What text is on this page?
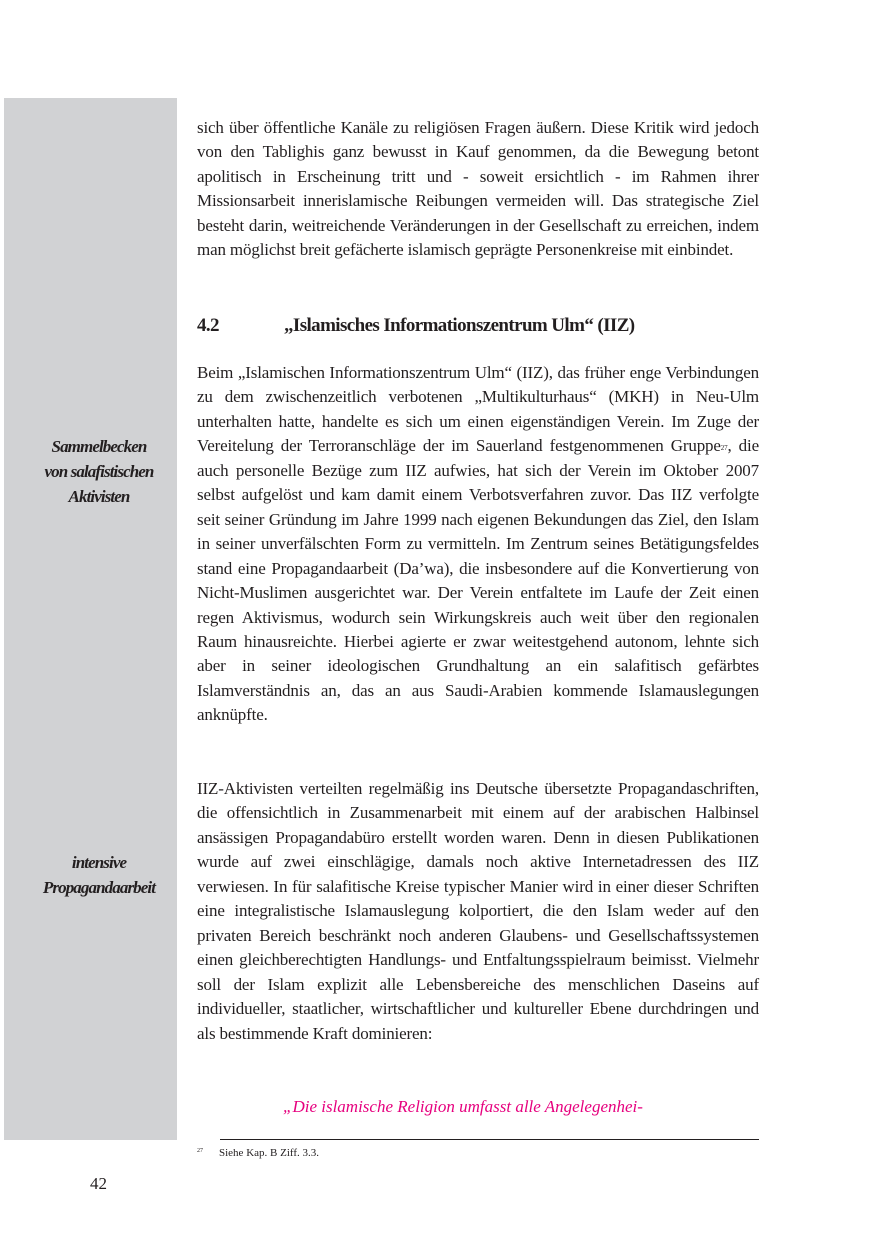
Sammelbecken
von salafistischen
Aktivisten
intensive
Propagandaarbeit

sich über öffentliche Kanäle zu religiösen Fragen äußern. Diese Kritik wird jedoch von den Tablighis ganz bewusst in Kauf genommen, da die Bewegung betont apolitisch in Erscheinung tritt und - soweit ersichtlich - im Rahmen ihrer Missionsarbeit innerislamische Reibungen vermeiden will. Das strategische Ziel besteht darin, weitreichende Veränderungen in der Gesellschaft zu erreichen, indem man möglichst breit gefächerte islamisch geprägte Personenkreise mit einbindet.

4.2	„Islamisches Informationszentrum Ulm“ (IIZ)

Beim „Islamischen Informationszentrum Ulm“ (IIZ), das früher enge Verbindungen zu dem zwischenzeitlich verbotenen „Multikulturhaus“ (MKH) in Neu-Ulm unterhalten hatte, handelte es sich um einen eigenständigen Verein. Im Zuge der Vereitelung der Terroranschläge der im Sauerland festgenommenen Gruppe$^{27}$, die auch personelle Bezüge zum IIZ aufwies, hat sich der Verein im Oktober 2007 selbst aufgelöst und kam damit einem Verbotsverfahren zuvor. Das IIZ verfolgte seit seiner Gründung im Jahre 1999 nach eigenen Bekundungen das Ziel, den Islam in seiner unverfälschten Form zu vermitteln. Im Zentrum seines Betätigungsfeldes stand eine Propagandaarbeit (Da’wa), die insbesondere auf die Konvertierung von Nicht-Muslimen ausgerichtet war. Der Verein entfaltete im Laufe der Zeit einen regen Aktivismus, wodurch sein Wirkungskreis auch weit über den regionalen Raum hinausreichte. Hierbei agierte er zwar weitestgehend autonom, lehnte sich aber in seiner ideologischen Grundhaltung an ein salafitisch gefärbtes Islamverständnis an, das an aus Saudi-Arabien kommende Islamauslegungen anknüpfte.

IIZ-Aktivisten verteilten regelmäßig ins Deutsche übersetzte Propagandaschriften, die offensichtlich in Zusammenarbeit mit einem auf der arabischen Halbinsel ansässigen Propagandabüro erstellt worden waren. Denn in diesen Publikationen wurde auf zwei einschlägige, damals noch aktive Internetadressen des IIZ verwiesen. In für salafitische Kreise typischer Manier wird in einer dieser Schriften eine integralistische Islamauslegung kolportiert, die den Islam weder auf den privaten Bereich beschränkt noch anderen Glaubens- und Gesellschaftssystemen einen gleichberechtigten Handlungs- und Entfaltungsspielraum beimisst. Vielmehr soll der Islam explizit alle Lebensbereiche des menschlichen Daseins auf individueller, staatlicher, wirtschaftlicher und kultureller Ebene durchdringen und als bestimmende Kraft dominieren:

„Die islamische Religion umfasst alle Angelegenhei-
27 Siehe Kap. B Ziff. 3.3.
42
